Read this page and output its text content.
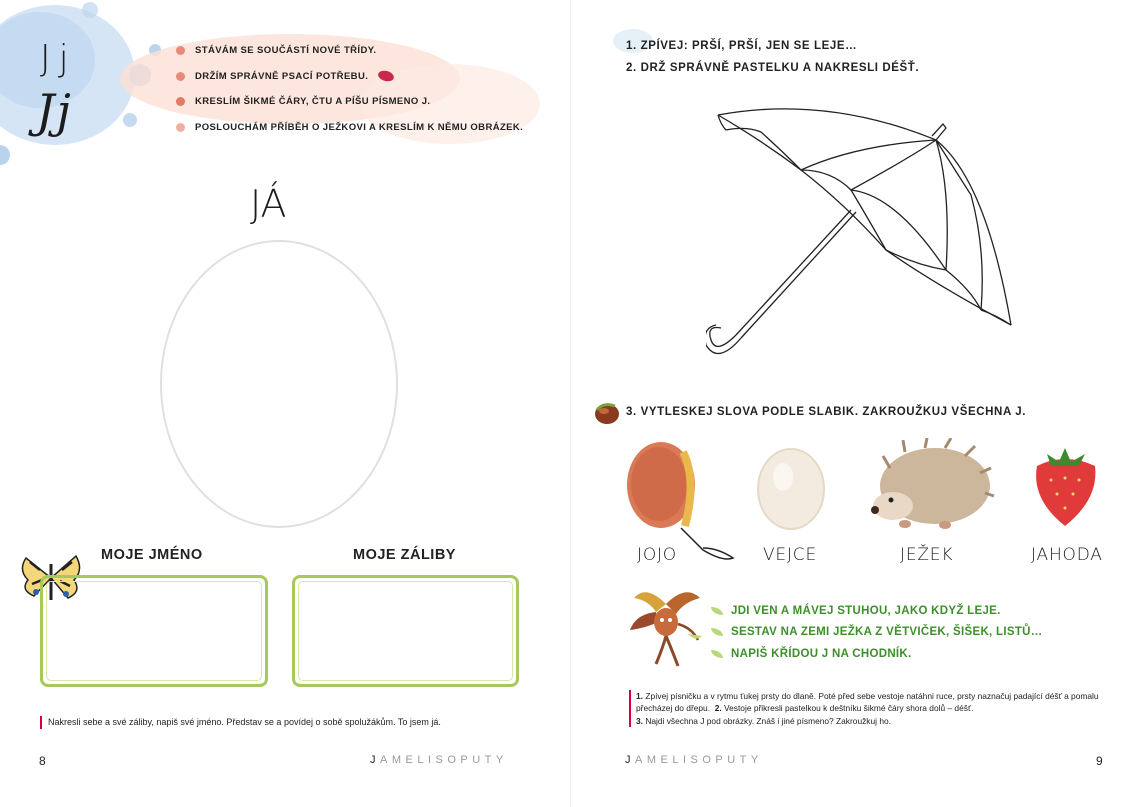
Jj
Jj
STÁVÁM SE SOUČÁSTÍ NOVÉ TŘÍDY.
DRŽÍM SPRÁVNĚ PSACÍ POTŘEBU.
KRESLÍM ŠIKMÉ ČÁRY, ČTU A PÍŠU PÍSMENO J.
POSLOUCHÁM PŘÍBĚH O JEŽKOVI A KRESLÍM K NĚMU OBRÁZEK.
JÁ
MOJE JMÉNO	MOJE ZÁLIBY
Nakresli sebe a své záliby, napiš své jméno. Představ se a povídej o sobě spolužákům. To jsem já.
8	JAMELISOPUTY
1. ZPÍVEJ: PRŠÍ, PRŠÍ, JEN SE LEJE…
2. DRŽ SPRÁVNĚ PASTELKU A NAKRESLI DÉŠŤ.
3. VYTLESKEJ SLOVA PODLE SLABIK. ZAKROUŽKUJ VŠECHNA J.
JOJO	VEJCE	JEŽEK	JAHODA
JDI VEN A MÁVEJ STUHOU, JAKO KDYŽ LEJE.
SESTAV NA ZEMI JEŽKA Z VĚTVIČEK, ŠIŠEK, LISTŮ…
NAPIŠ KŘÍDOU J NA CHODNÍK.
1. Zpívej písničku a v rytmu ťukej prsty do dlaně. Poté před sebe vestoje natáhni ruce, prsty naznačuj padající déšť a pomalu přecházej do dřepu. 2. Vestoje přikresli pastelkou k deštníku šikmé čáry shora dolů – déšť.
3. Najdi všechna J pod obrázky. Znáš i jiné písmeno? Zakroužkuj ho.
JAMELISOPUTY	9
